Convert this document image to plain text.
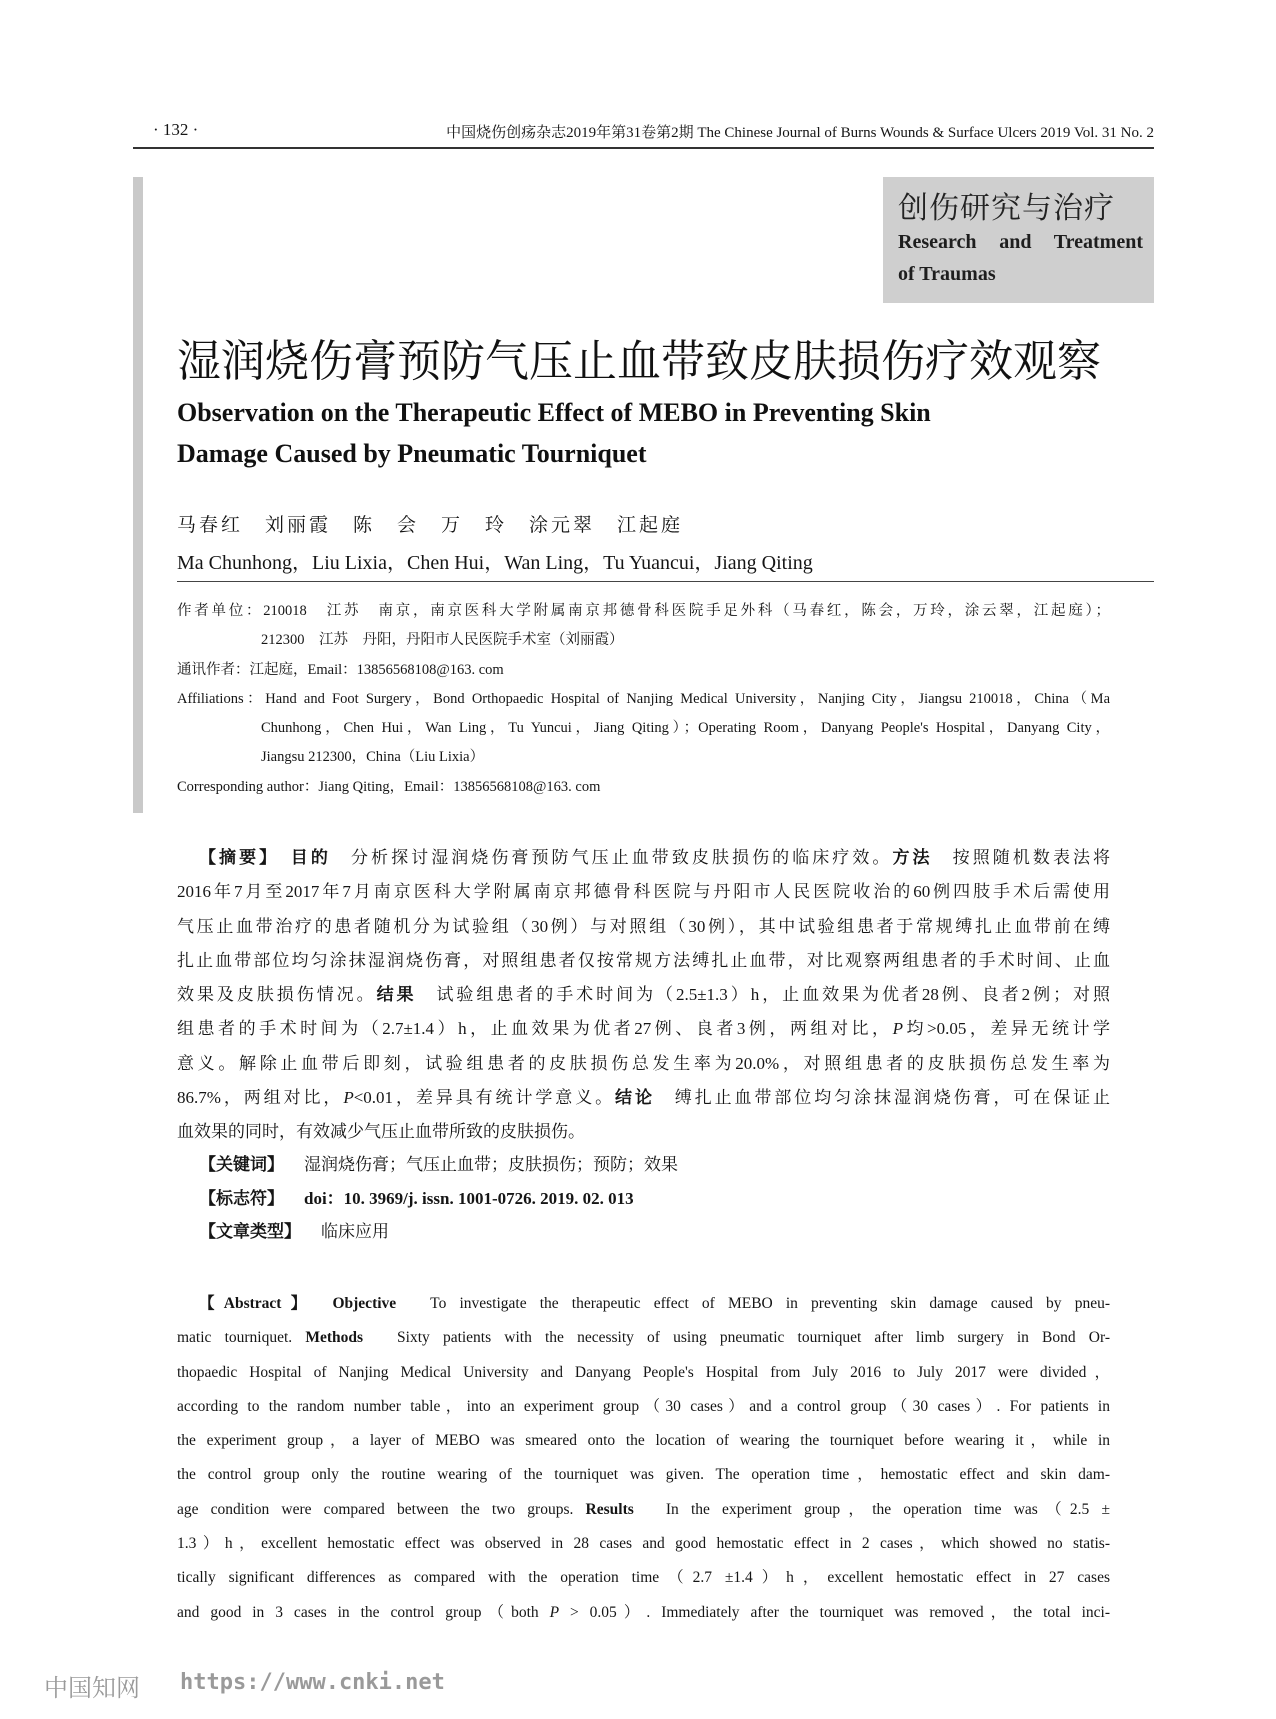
· 132 ·	中国烧伤创疡杂志2019年第31卷第2期 The Chinese Journal of Burns Wounds & Surface Ulcers 2019 Vol. 31 No. 2
创伤研究与治疗
Research and Treatment
of Traumas
湿润烧伤膏预防气压止血带致皮肤损伤疗效观察
Observation on the Therapeutic Effect of MEBO in Preventing Skin
Damage Caused by Pneumatic Tourniquet
马春红　刘丽霞　陈　会　万　玲　涂元翠　江起庭
Ma Chunhong，Liu Lixia，Chen Hui，Wan Ling，Tu Yuancui，Jiang Qiting
作者单位：210018　江苏　南京，南京医科大学附属南京邦德骨科医院手足外科（马春红，陈会，万玲，涂云翠，江起庭）；
212300　江苏　丹阳，丹阳市人民医院手术室（刘丽霞）
通讯作者：江起庭，Email：13856568108@163. com
Affiliations：Hand and Foot Surgery，Bond Orthopaedic Hospital of Nanjing Medical University，Nanjing City，Jiangsu 210018，China（Ma
Chunhong，Chen Hui，Wan Ling，Tu Yuncui，Jiang Qiting）；Operating Room，Danyang People's Hospital，Danyang City，
Jiangsu 212300，China（Liu Lixia）
Corresponding author：Jiang Qiting，Email：13856568108@163. com
【摘要】　 目的　分析探讨湿润烧伤膏预防气压止血带致皮肤损伤的临床疗效。方法　按照随机数表法将
2016年7月至2017年7月南京医科大学附属南京邦德骨科医院与丹阳市人民医院收治的60例四肢手术后需使用
气压止血带治疗的患者随机分为试验组（30例）与对照组（30例），其中试验组患者于常规缚扎止血带前在缚
扎止血带部位均匀涂抹湿润烧伤膏，对照组患者仅按常规方法缚扎止血带，对比观察两组患者的手术时间、止血
效果及皮肤损伤情况。结果　试验组患者的手术时间为（2.5±1.3）h，止血效果为优者28例、良者2例；对照
组患者的手术时间为（2.7±1.4）h，止血效果为优者27例、良者3例，两组对比，P均>0.05，差异无统计学
意义。解除止血带后即刻，试验组患者的皮肤损伤总发生率为20.0%，对照组患者的皮肤损伤总发生率为
86.7%，两组对比，P<0.01，差异具有统计学意义。结论　缚扎止血带部位均匀涂抹湿润烧伤膏，可在保证止
血效果的同时，有效减少气压止血带所致的皮肤损伤。
【关键词】 湿润烧伤膏；气压止血带；皮肤损伤；预防；效果
【标志符】 doi：10. 3969/j. issn. 1001-0726. 2019. 02. 013
【文章类型】 临床应用
【Abstract】　 Objective　To investigate the therapeutic effect of MEBO in preventing skin damage caused by pneu-
matic tourniquet. Methods　Sixty patients with the necessity of using pneumatic tourniquet after limb surgery in Bond Or-
thopaedic Hospital of Nanjing Medical University and Danyang People's Hospital from July 2016 to July 2017 were divided，
according to the random number table，into an experiment group（30 cases）and a control group（30 cases）. For patients in
the experiment group，a layer of MEBO was smeared onto the location of wearing the tourniquet before wearing it，while in
the control group only the routine wearing of the tourniquet was given. The operation time，hemostatic effect and skin dam-
age condition were compared between the two groups. Results　In the experiment group，the operation time was（2.5 ±
1.3）h，excellent hemostatic effect was observed in 28 cases and good hemostatic effect in 2 cases，which showed no statis-
tically significant differences as compared with the operation time（2.7 ±1.4）h，excellent hemostatic effect in 27 cases
and good in 3 cases in the control group（both P > 0.05）. Immediately after the tourniquet was removed，the total inci-
中国知网 https://www.cnki.net
